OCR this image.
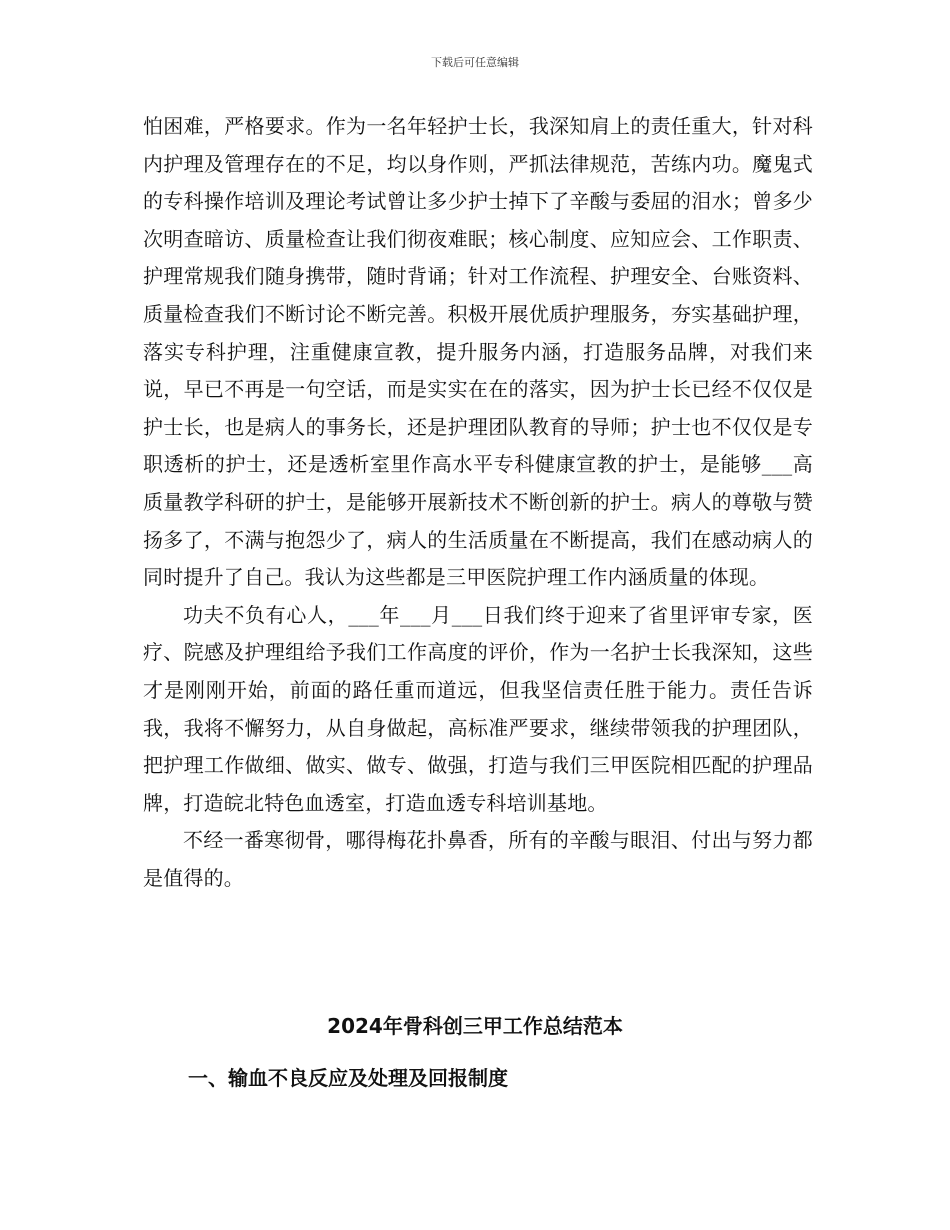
下载后可任意编辑

怕困难，严格要求。作为一名年轻护士长，我深知肩上的责任重大，针对科内护理及管理存在的不足，均以身作则，严抓法律规范，苦练内功。魔鬼式的专科操作培训及理论考试曾让多少护士掉下了辛酸与委屈的泪水；曾多少次明查暗访、质量检查让我们彻夜难眠；核心制度、应知应会、工作职责、护理常规我们随身携带，随时背诵；针对工作流程、护理安全、台账资料、质量检查我们不断讨论不断完善。积极开展优质护理服务，夯实基础护理，落实专科护理，注重健康宣教，提升服务内涵，打造服务品牌，对我们来说，早已不再是一句空话，而是实实在在的落实，因为护士长已经不仅仅是护士长，也是病人的事务长，还是护理团队教育的导师；护士也不仅仅是专职透析的护士，还是透析室里作高水平专科健康宣教的护士，是能够___高质量教学科研的护士，是能够开展新技术不断创新的护士。病人的尊敬与赞扬多了，不满与抱怨少了，病人的生活质量在不断提高，我们在感动病人的同时提升了自己。我认为这些都是三甲医院护理工作内涵质量的体现。

功夫不负有心人，___年___月___日我们终于迎来了省里评审专家，医疗、院感及护理组给予我们工作高度的评价，作为一名护士长我深知，这些才是刚刚开始，前面的路任重而道远，但我坚信责任胜于能力。责任告诉我，我将不懈努力，从自身做起，高标准严要求，继续带领我的护理团队，把护理工作做细、做实、做专、做强，打造与我们三甲医院相匹配的护理品牌，打造皖北特色血透室，打造血透专科培训基地。

不经一番寒彻骨，哪得梅花扑鼻香，所有的辛酸与眼泪、付出与努力都是值得的。

2024年骨科创三甲工作总结范本
一、输血不良反应及处理及回报制度
